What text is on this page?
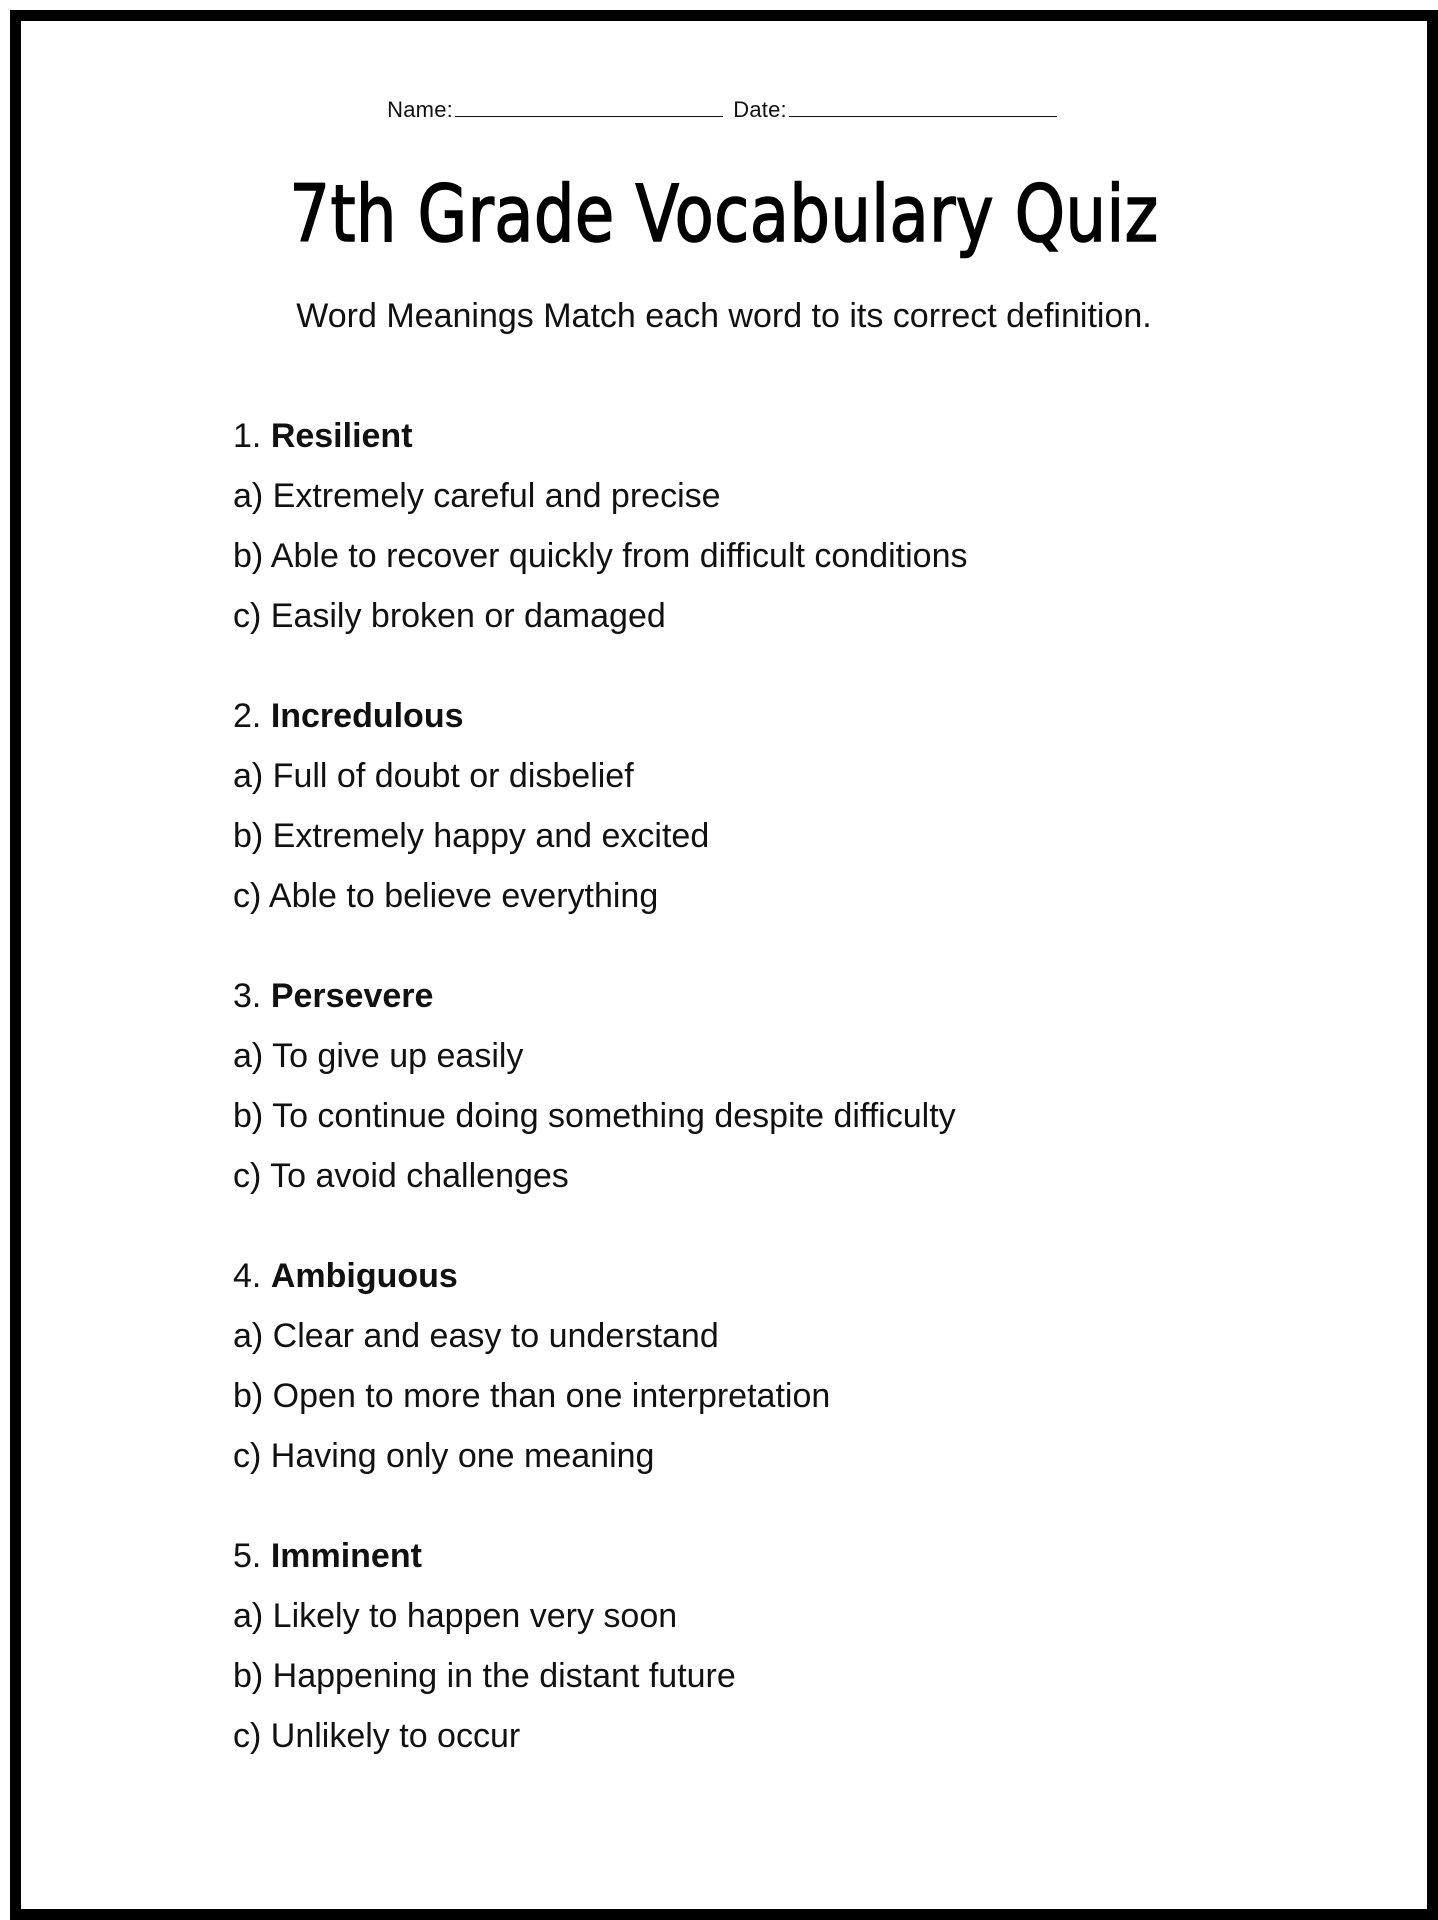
Name:	Date:
7th Grade Vocabulary Quiz
Word Meanings Match each word to its correct definition.
1. Resilient
a) Extremely careful and precise
b) Able to recover quickly from difficult conditions
c) Easily broken or damaged
2. Incredulous
a) Full of doubt or disbelief
b) Extremely happy and excited
c) Able to believe everything
3. Persevere
a) To give up easily
b) To continue doing something despite difficulty
c) To avoid challenges
4. Ambiguous
a) Clear and easy to understand
b) Open to more than one interpretation
c) Having only one meaning
5. Imminent
a) Likely to happen very soon
b) Happening in the distant future
c) Unlikely to occur
